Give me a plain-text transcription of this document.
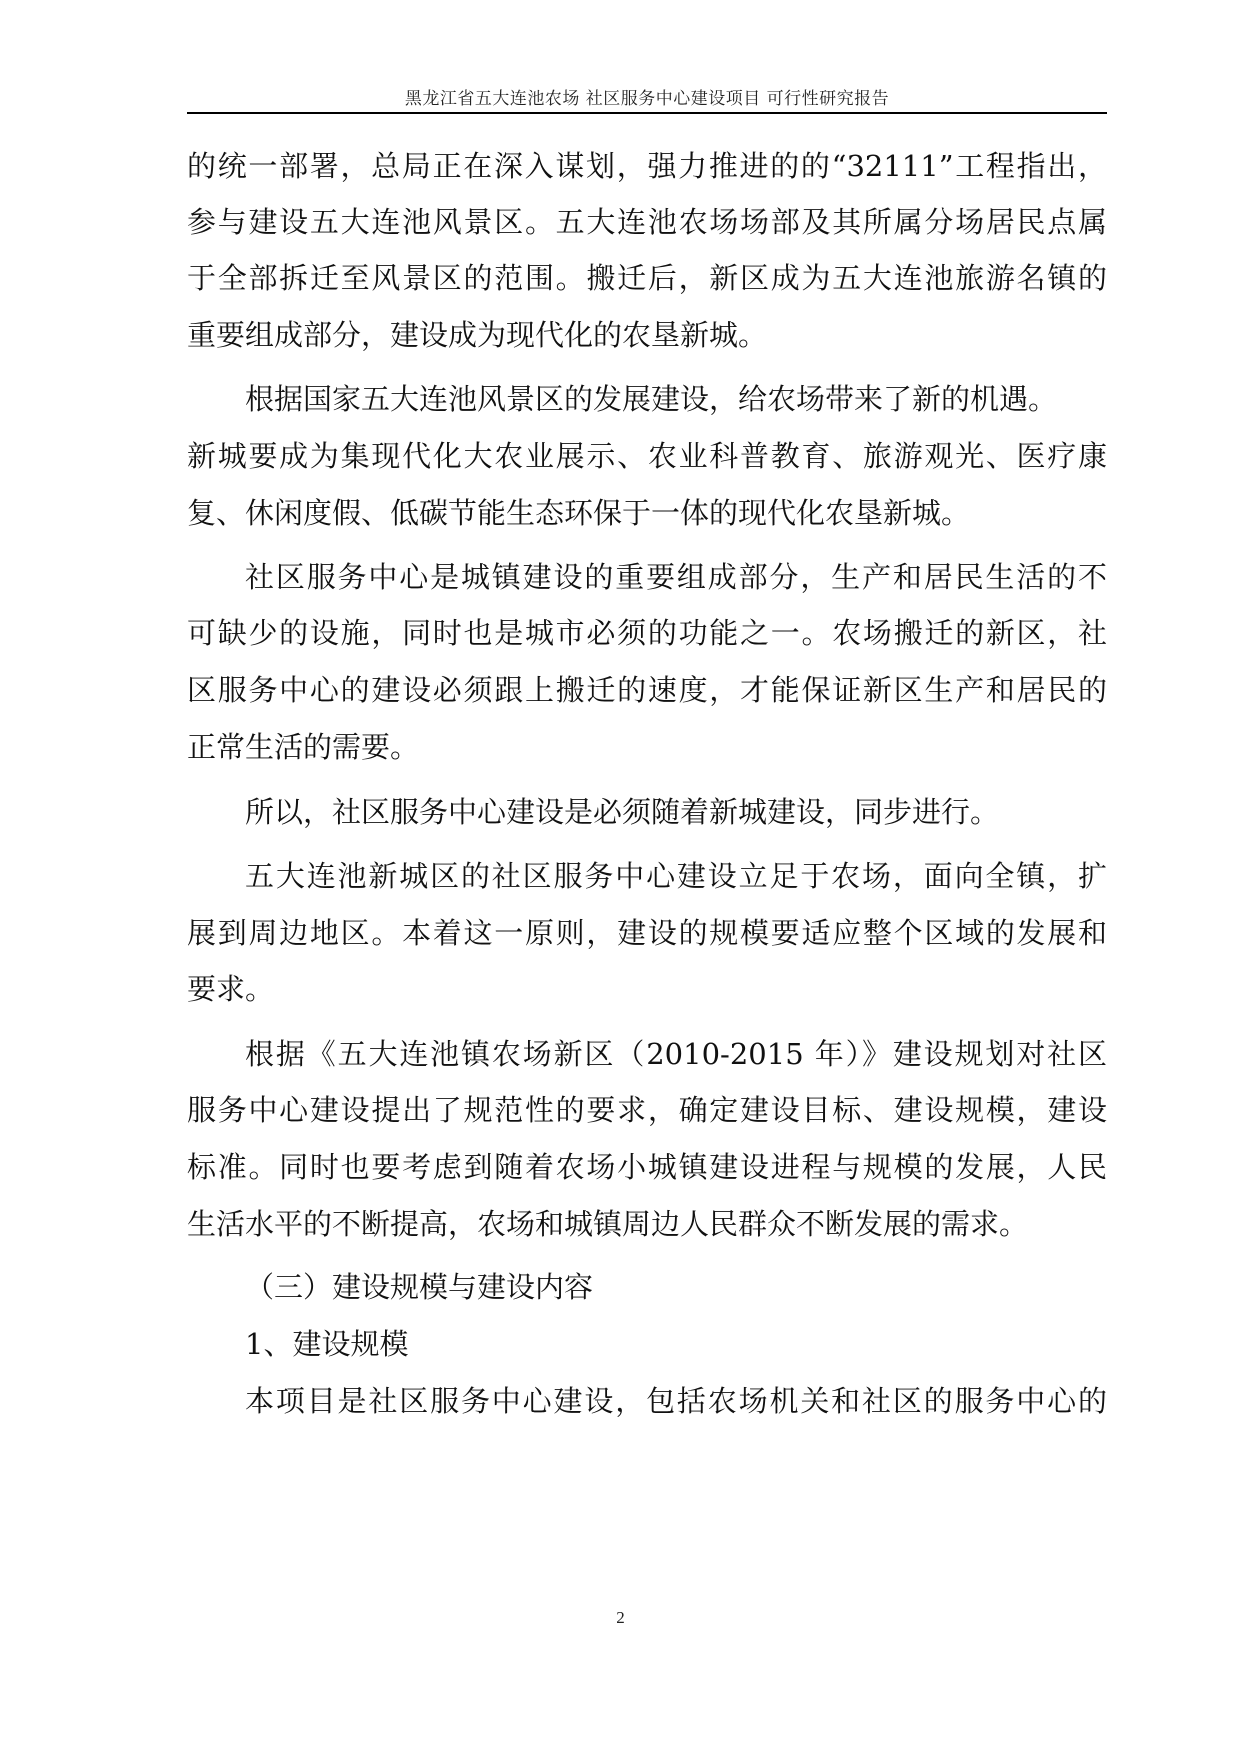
黑龙江省五大连池农场 社区服务中心建设项目 可行性研究报告
的统一部署，总局正在深入谋划，强力推进的的“32111”工程指出，
参与建设五大连池风景区。五大连池农场场部及其所属分场居民点属
于全部拆迁至风景区的范围。搬迁后，新区成为五大连池旅游名镇的
重要组成部分，建设成为现代化的农垦新城。
根据国家五大连池风景区的发展建设，给农场带来了新的机遇。
新城要成为集现代化大农业展示、农业科普教育、旅游观光、医疗康
复、休闲度假、低碳节能生态环保于一体的现代化农垦新城。
社区服务中心是城镇建设的重要组成部分，生产和居民生活的不
可缺少的设施，同时也是城市必须的功能之一。农场搬迁的新区，社
区服务中心的建设必须跟上搬迁的速度，才能保证新区生产和居民的
正常生活的需要。
所以，社区服务中心建设是必须随着新城建设，同步进行。
五大连池新城区的社区服务中心建设立足于农场，面向全镇，扩
展到周边地区。本着这一原则，建设的规模要适应整个区域的发展和
要求。
根据《五大连池镇农场新区（2010-2015 年）》建设规划对社区
服务中心建设提出了规范性的要求，确定建设目标、建设规模，建设
标准。同时也要考虑到随着农场小城镇建设进程与规模的发展，人民
生活水平的不断提高，农场和城镇周边人民群众不断发展的需求。
（三）建设规模与建设内容
1、建设规模
本项目是社区服务中心建设，包括农场机关和社区的服务中心的
2
